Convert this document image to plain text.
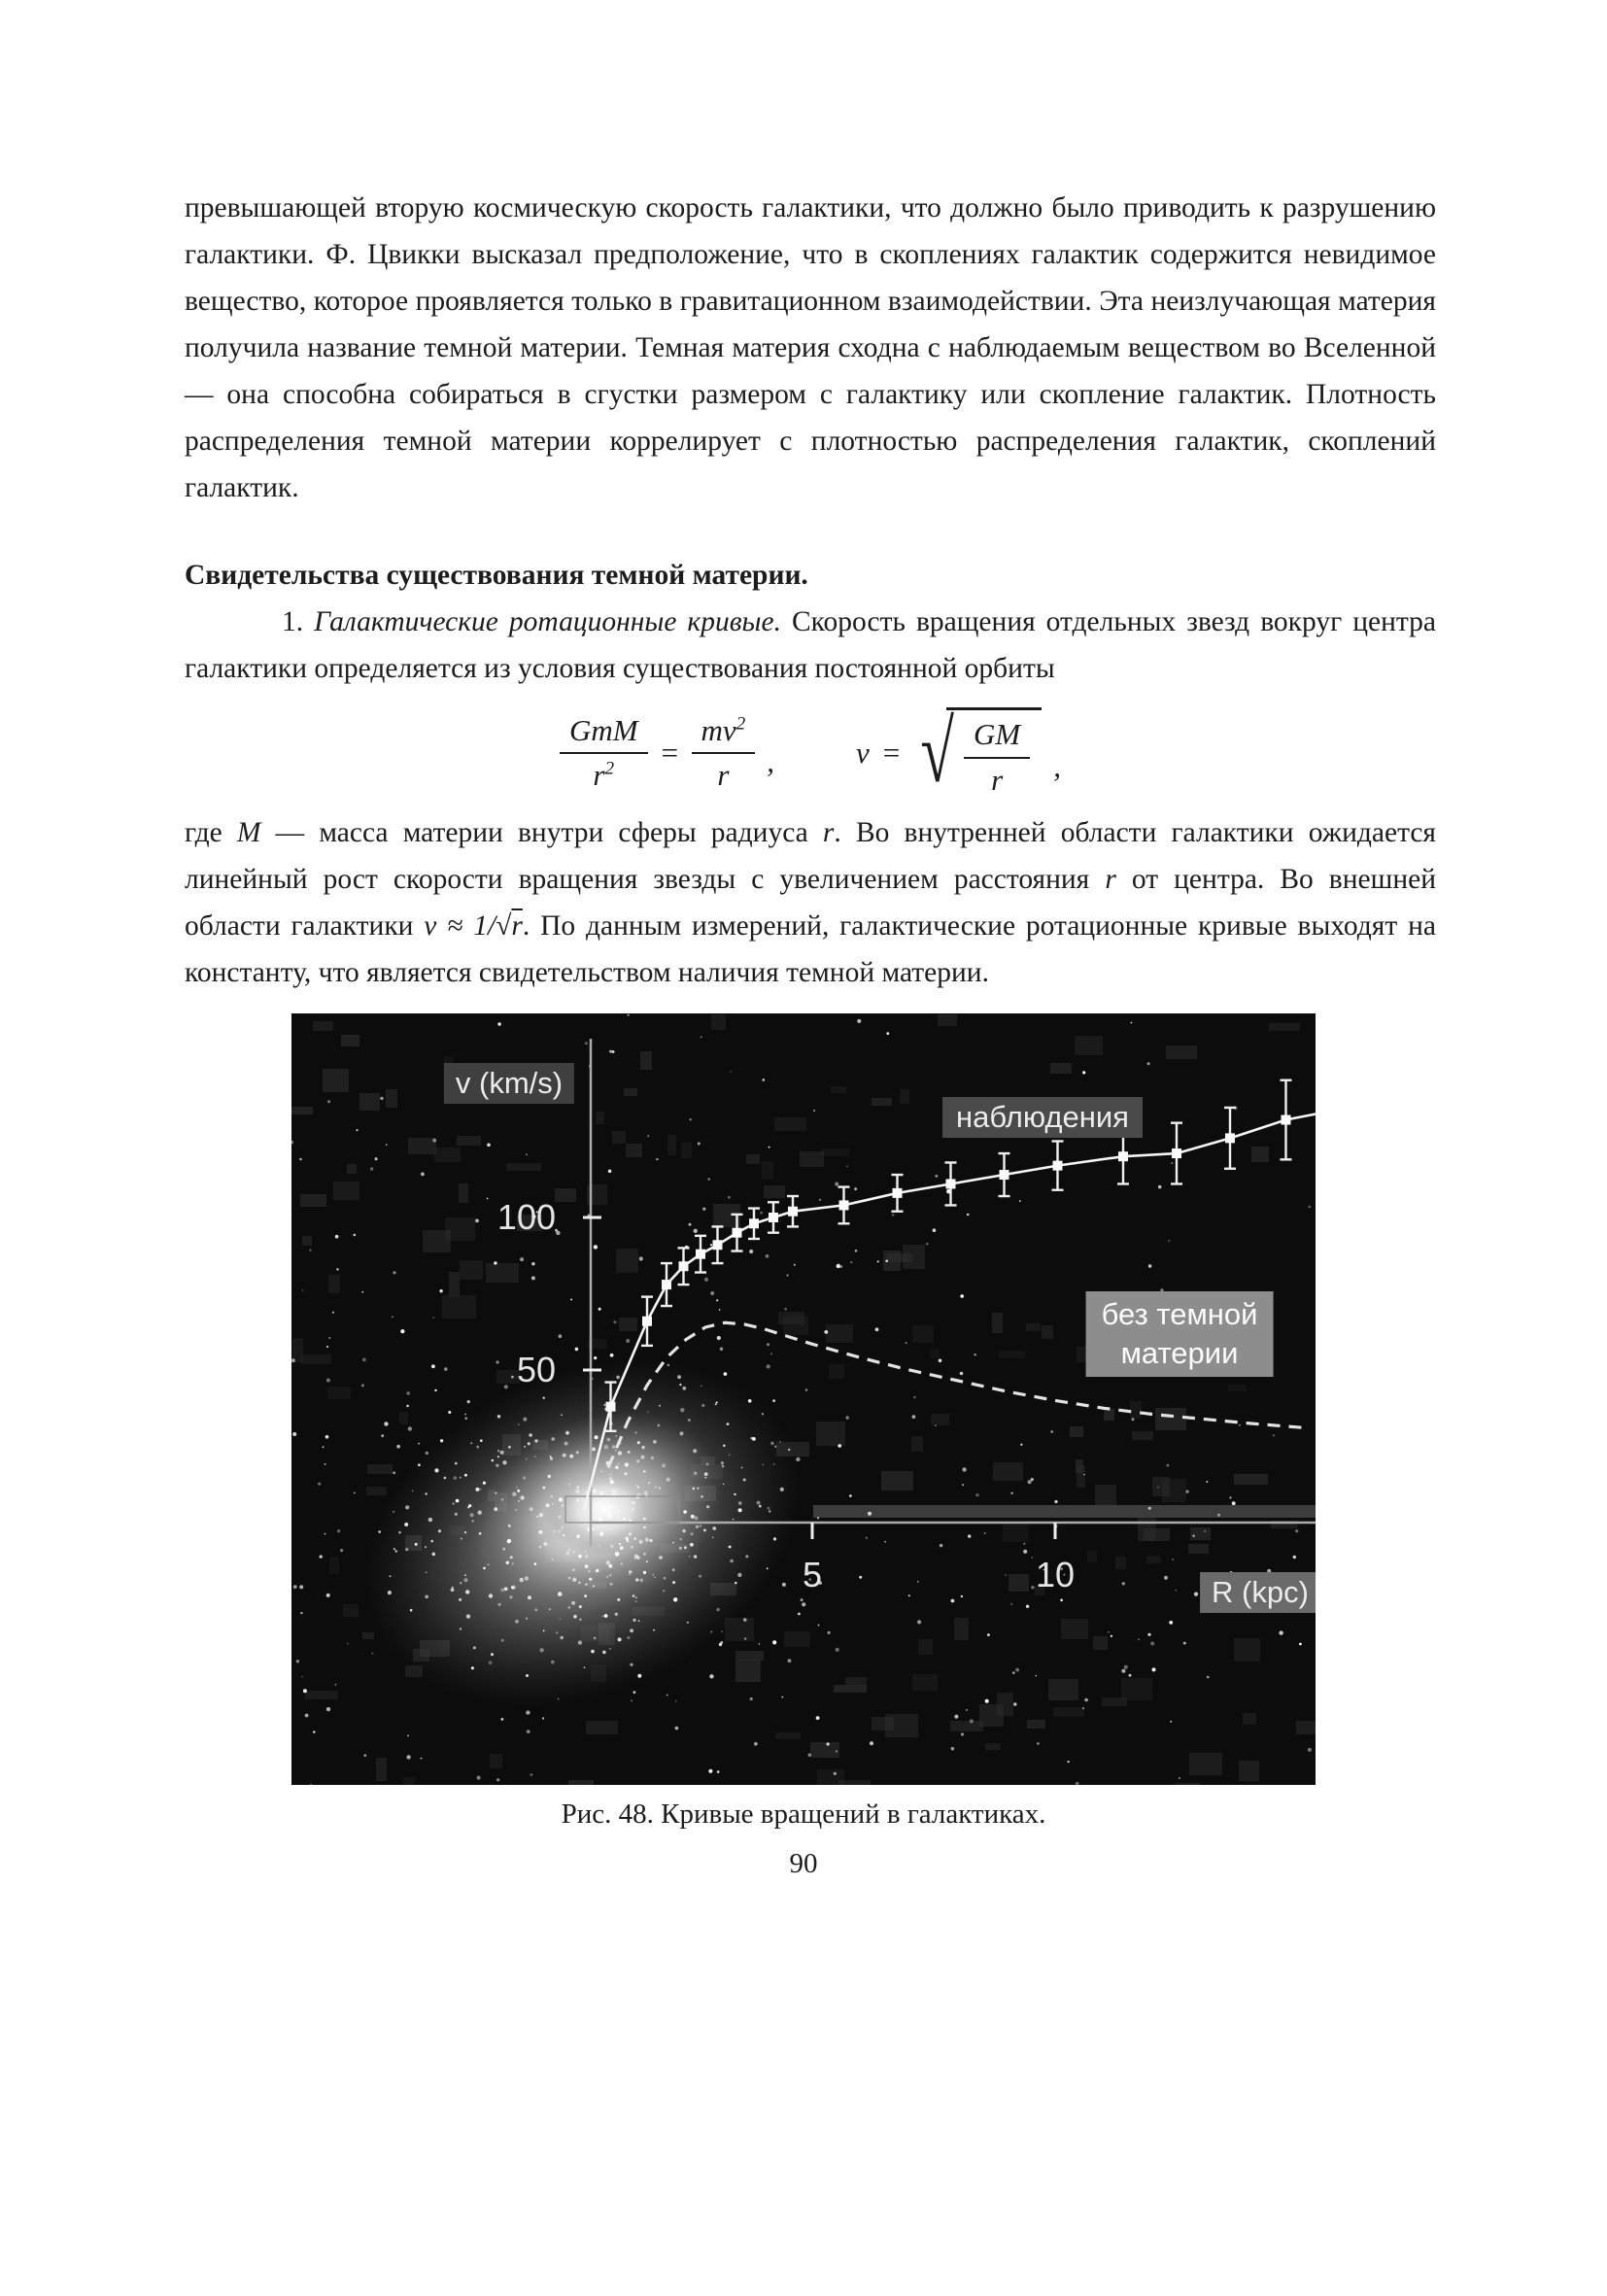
превышающей вторую космическую скорость галактики, что должно было приводить к разрушению галактики. Ф. Цвикки высказал предположение, что в скоплениях галактик содержится невидимое вещество, которое проявляется только в гравитационном взаимодействии. Эта неизлучающая материя получила название темной материи. Темная материя сходна с наблюдаемым веществом во Вселенной — она способна собираться в сгустки размером с галактику или скопление галактик. Плотность распределения темной материи коррелирует с плотностью распределения галактик, скоплений галактик.

Свидетельства существования темной материи.

1. Галактические ротационные кривые. Скорость вращения отдельных звезд вокруг центра галактики определяется из условия существования постоянной орбиты

$\frac{\text{GmM}}{r^2} = \frac{mv^2}{r}$ ,	v = √ $\frac{GM}{r}$ ,

где M — масса материи внутри сферы радиуса r. Во внутренней области галактики ожидается линейный рост скорости вращения звезды с увеличением расстояния r от центра. Во внешней области галактики v ≈ 1/√r. По данным измерений, галактические ротационные кривые выходят на константу, что является свидетельством наличия темной материи.

100
50
5	10
v (km/s)
наблюдения
без темной
материи
R (kpc)
Рис. 48. Кривые вращений в галактиках.
90
